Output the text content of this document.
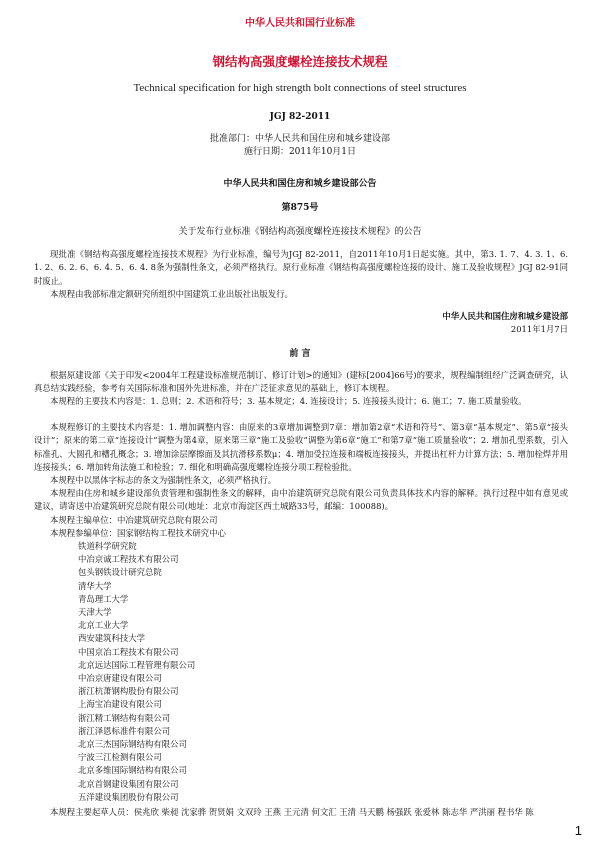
中华人民共和国行业标准
钢结构高强度螺栓连接技术规程
Technical specification for high strength bolt connections of steel structures
JGJ 82-2011
批准部门：中华人民共和国住房和城乡建设部
施行日期：2011年10月1日
中华人民共和国住房和城乡建设部公告
第875号
关于发布行业标准《钢结构高强度螺栓连接技术规程》的公告
现批准《钢结构高强度螺栓连接技术规程》为行业标准，编号为JGJ 82-2011，自2011年10月1日起实施。其中，第3. 1. 7、4. 3. 1、6. 1. 2、6. 2. 6、6. 4. 5、6. 4. 8条为强制性条文，必须严格执行。原行业标准《钢结构高强度螺栓连接的设计、施工及验收规程》JGJ 82-91同时废止。
本规程由我部标准定额研究所组织中国建筑工业出版社出版发行。
中华人民共和国住房和城乡建设部
2011年1月7日
前 言
根据原建设部《关于印发<2004年工程建设标准规范制订、修订计划>的通知》(建标[2004]66号)的要求，规程编制组经广泛调查研究，认真总结实践经验，参考有关国际标准和国外先进标准，并在广泛征求意见的基础上，修订本规程。
本规程的主要技术内容是：1. 总则；2. 术语和符号；3. 基本规定；4. 连接设计；5. 连接接头设计；6. 施工；7. 施工质量验收。
本规程修订的主要技术内容是：1. 增加调整内容：由原来的3章增加调整到7章：增加第2章“术语和符号”、第3章“基本规定”、第5章“接头设计”；原来的第二章“连接设计”调整为第4章，原来第三章“施工及验收”调整为第6章“施工”和第7章“施工质量验收”；2. 增加孔型系数，引入标准孔、大圆孔和槽孔概念；3. 增加涂层摩擦面及其抗滑移系数μ；4. 增加受拉连接和端板连接接头，并提出杠杆力计算方法；5. 增加栓焊并用连接接头；6. 增加转角法施工和检验；7. 细化和明确高强度螺栓连接分项工程检验批。
本规程中以黑体字标志的条文为强制性条文，必须严格执行。
本规程由住房和城乡建设部负责管理和强制性条文的解释，由中冶建筑研究总院有限公司负责具体技术内容的解释。执行过程中如有意见或建议，请寄送中冶建筑研究总院有限公司(地址：北京市海淀区西土城路33号，邮编：100088)。
本规程主编单位：中冶建筑研究总院有限公司
本规程参编单位：国家钢结构工程技术研究中心
铁道科学研究院
中冶京诚工程技术有限公司
包头钢铁设计研究总院
清华大学
青岛理工大学
天津大学
北京工业大学
西安建筑科技大学
中国京冶工程技术有限公司
北京远达国际工程管理有限公司
中冶京唐建设有限公司
浙江杭萧钢构股份有限公司
上海宝冶建设有限公司
浙江精工钢结构有限公司
浙江泽恩标准件有限公司
北京三杰国际钢结构有限公司
宁波三江检测有限公司
北京多维国际钢结构有限公司
北京首钢建设集团有限公司
五洋建设集团股份有限公司
本规程主要起草人员：侯兆欣 柴昶 沈家骅 贺贤娟 文双玲 王燕 王元清 何文汇 王清 马天鹏 杨强跃 张爱林 陈志华 严洪丽 程书华 陈
1
